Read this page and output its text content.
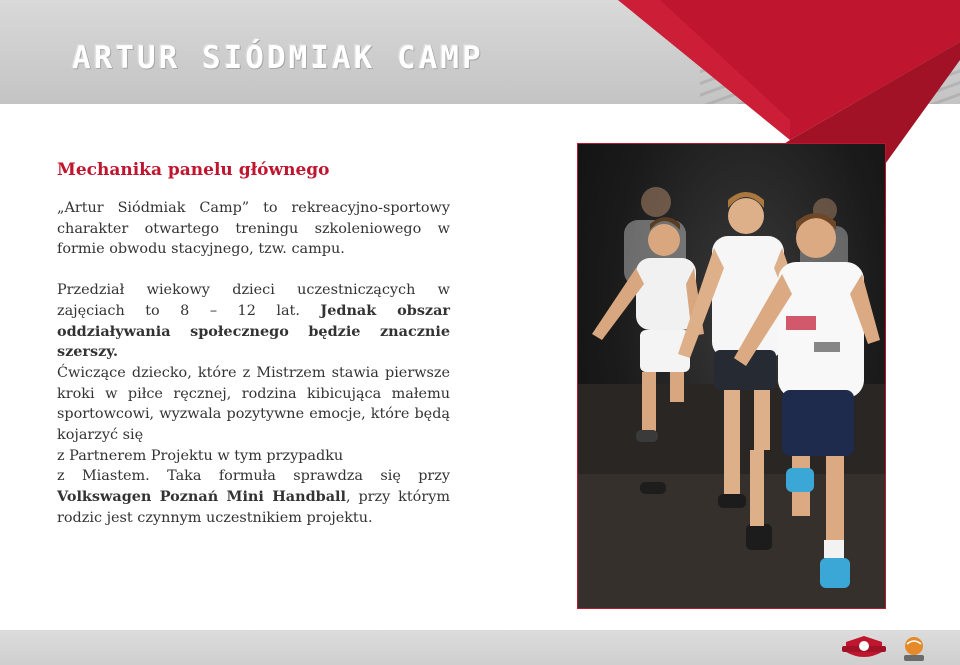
ARTUR SIÓDMIAK CAMP
Mechanika panelu głównego

„Artur Siódmiak Camp” to rekreacyjno-sportowy charakter otwartego treningu szkoleniowego w formie obwodu stacyjnego, tzw. campu.

Przedział wiekowy dzieci uczestniczących w zajęciach to 8 – 12 lat. Jednak obszar oddziaływania społecznego będzie znacznie szerszy.
Ćwiczące dziecko, które z Mistrzem stawia pierwsze kroki w piłce ręcznej, rodzina kibicująca małemu sportowcowi, wyzwala pozytywne emocje, które będą kojarzyć się
z Partnerem Projektu w tym przypadku
z Miastem. Taka formuła sprawdza się przy Volkswagen Poznań Mini Handball, przy którym rodzic jest czynnym uczestnikiem projektu.
